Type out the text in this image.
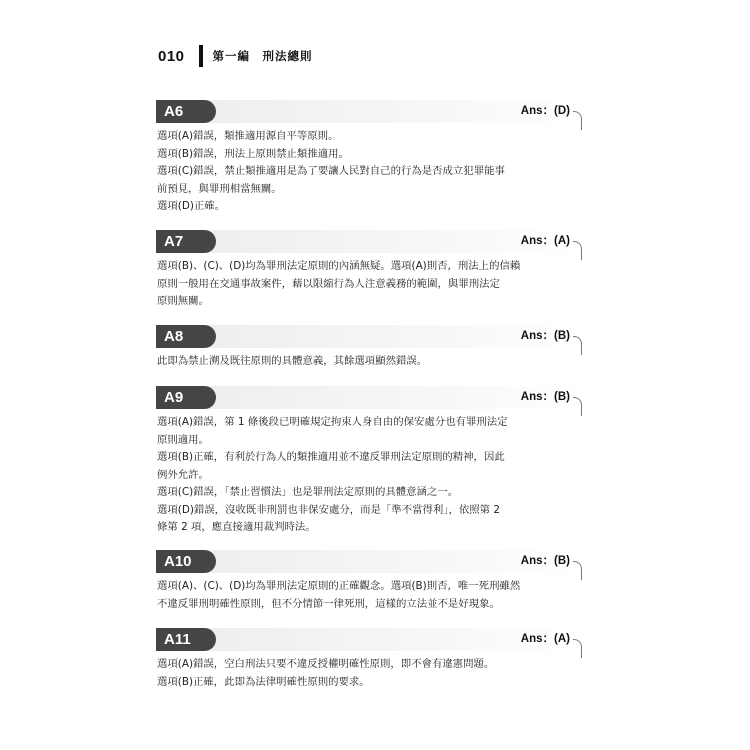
010 第一編　刑法總則
A6	Ans：(D)
選項(A)錯誤，類推適用源自平等原則。
選項(B)錯誤，刑法上原則禁止類推適用。
選項(C)錯誤，禁止類推適用是為了要讓人民對自己的行為是否成立犯罪能事
前預見，與罪刑相當無關。
選項(D)正確。
A7	Ans：(A)
選項(B)、(C)、(D)均為罪刑法定原則的內涵無疑。選項(A)則否，刑法上的信賴
原則一般用在交通事故案件，藉以限縮行為人注意義務的範圍，與罪刑法定
原則無關。
A8	Ans：(B)
此即為禁止溯及既往原則的具體意義，其餘選項顯然錯誤。
A9	Ans：(B)
選項(A)錯誤，第 1 條後段已明確規定拘束人身自由的保安處分也有罪刑法定
原則適用。
選項(B)正確，有利於行為人的類推適用並不違反罪刑法定原則的精神，因此
例外允許。
選項(C)錯誤，「禁止習慣法」也是罪刑法定原則的具體意涵之一。
選項(D)錯誤，沒收既非刑罰也非保安處分，而是「準不當得利」，依照第 2
條第 2 項，應直接適用裁判時法。
A10	Ans：(B)
選項(A)、(C)、(D)均為罪刑法定原則的正確觀念。選項(B)則否，唯一死刑雖然
不違反罪刑明確性原則，但不分情節一律死刑，這樣的立法並不是好現象。
A11	Ans：(A)
選項(A)錯誤，空白刑法只要不違反授權明確性原則，即不會有違憲問題。
選項(B)正確，此即為法律明確性原則的要求。
